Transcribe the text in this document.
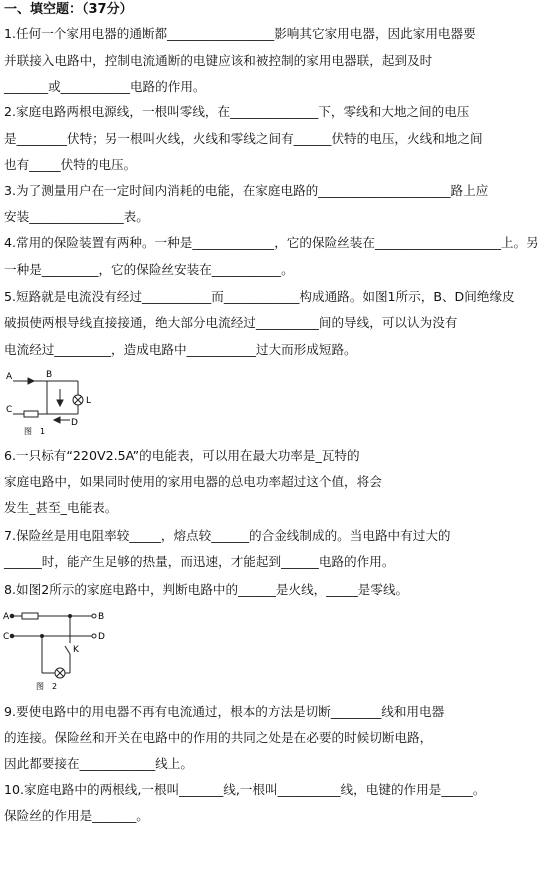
一、填空题：（37分）
1.任何一个家用电器的通断都_________________影响其它家用电器，因此家用电器要
并联接入电路中，控制电流通断的电键应该和被控制的家用电器联，起到及时
_______或___________电路的作用。
2.家庭电路两根电源线，一根叫零线，在______________下，零线和大地之间的电压
是________伏特；另一根叫火线，火线和零线之间有______伏特的电压，火线和地之间
也有_____伏特的电压。
3.为了测量用户在一定时间内消耗的电能，在家庭电路的_____________________路上应
安装_______________表。
4.常用的保险装置有两种。一种是_____________，它的保险丝装在____________________上。另
一种是_________，它的保险丝安装在___________。
5.短路就是电流没有经过___________而____________构成通路。如图1所示，B、D间绝缘皮
破损使两根导线直接接通，绝大部分电流经过__________间的导线，可以认为没有
电流经过_________，造成电路中___________过大而形成短路。
A	B
C
D
L
图　1
6.一只标有“220V2.5A”的电能表，可以用在最大功率是_瓦特的
家庭电路中，如果同时使用的家用电器的总电功率超过这个值，将会
发生_甚至_电能表。
7.保险丝是用电阻率较_____，熔点较______的合金线制成的。当电路中有过大的
______时，能产生足够的热量，而迅速，才能起到______电路的作用。
8.如图2所示的家庭电路中，判断电路中的______是火线，_____是零线。
A	B
C	D
K
图　2
9.要使电路中的用电器不再有电流通过，根本的方法是切断________线和用电器
的连接。保险丝和开关在电路中的作用的共同之处是在必要的时候切断电路，
因此都要接在____________线上。
10.家庭电路中的两根线,一根叫_______线,一根叫__________线，电键的作用是_____。
保险丝的作用是_______。
